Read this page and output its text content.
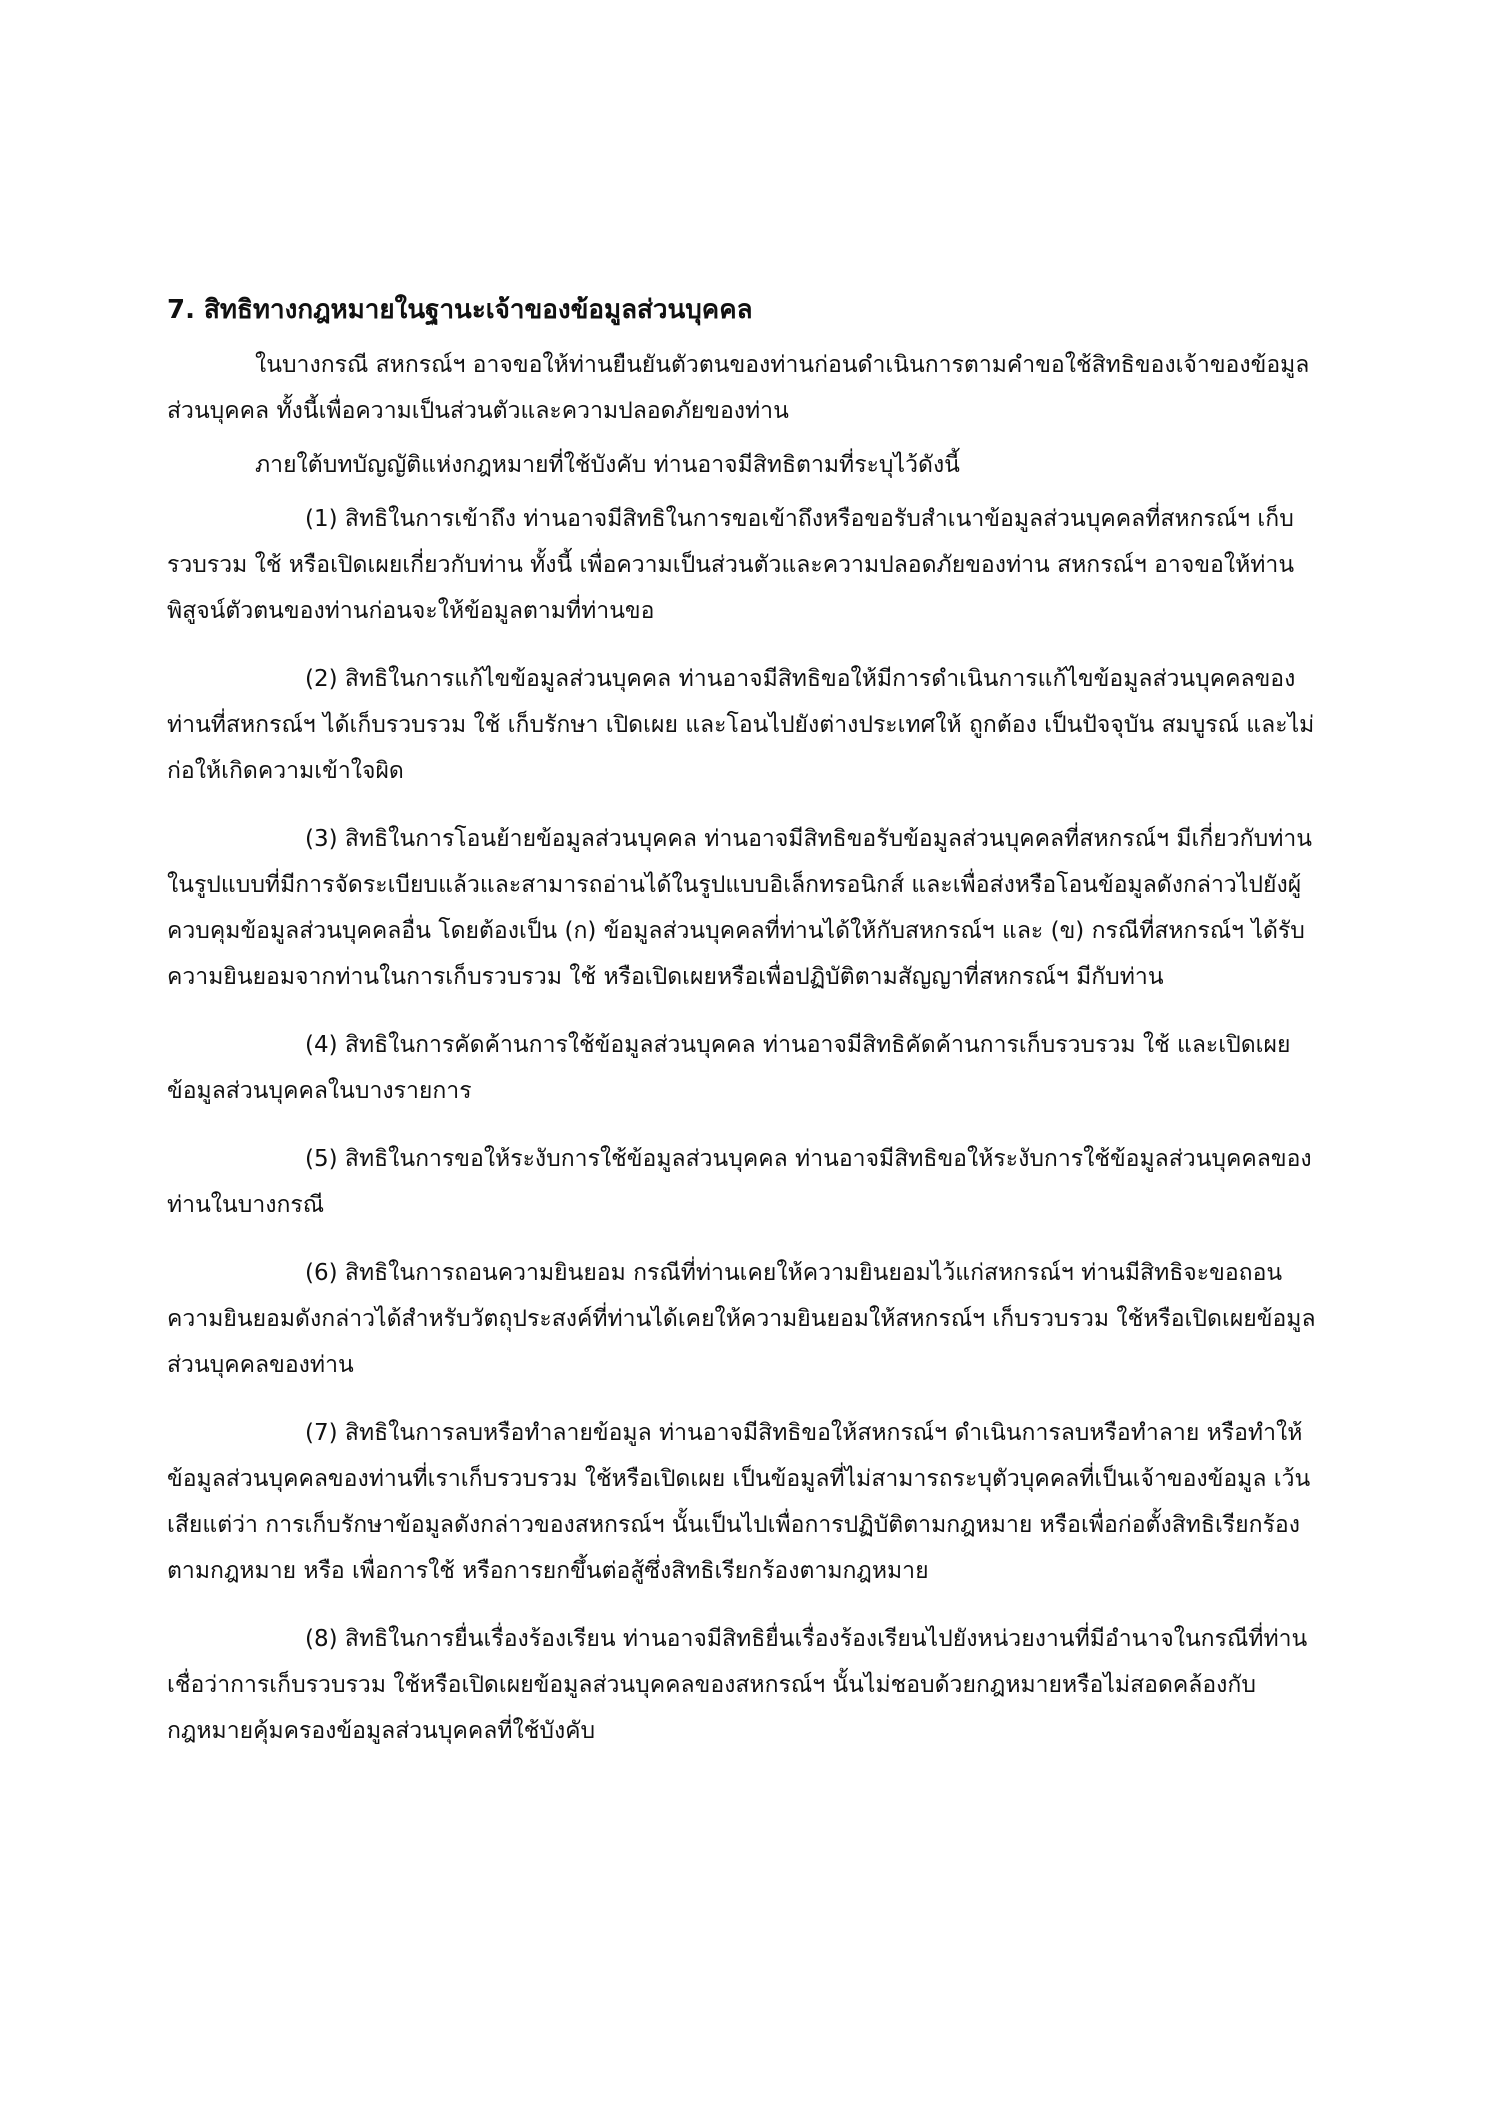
7. สิทธิทางกฎหมายในฐานะเจ้าของข้อมูลส่วนบุคคล

ในบางกรณี สหกรณ์ฯ อาจขอให้ท่านยืนยันตัวตนของท่านก่อนดำเนินการตามคำขอใช้สิทธิของเจ้าของข้อมูลส่วนบุคคล ทั้งนี้เพื่อความเป็นส่วนตัวและความปลอดภัยของท่าน

ภายใต้บทบัญญัติแห่งกฎหมายที่ใช้บังคับ ท่านอาจมีสิทธิตามที่ระบุไว้ดังนี้

(1) สิทธิในการเข้าถึง ท่านอาจมีสิทธิในการขอเข้าถึงหรือขอรับสำเนาข้อมูลส่วนบุคคลที่สหกรณ์ฯ เก็บรวบรวม ใช้ หรือเปิดเผยเกี่ยวกับท่าน ทั้งนี้ เพื่อความเป็นส่วนตัวและความปลอดภัยของท่าน สหกรณ์ฯ อาจขอให้ท่านพิสูจน์ตัวตนของท่านก่อนจะให้ข้อมูลตามที่ท่านขอ
(2) สิทธิในการแก้ไขข้อมูลส่วนบุคคล ท่านอาจมีสิทธิขอให้มีการดำเนินการแก้ไขข้อมูลส่วนบุคคลของท่านที่สหกรณ์ฯ ได้เก็บรวบรวม ใช้ เก็บรักษา เปิดเผย และโอนไปยังต่างประเทศให้ ถูกต้อง เป็นปัจจุบัน สมบูรณ์ และไม่ก่อให้เกิดความเข้าใจผิด
(3) สิทธิในการโอนย้ายข้อมูลส่วนบุคคล ท่านอาจมีสิทธิขอรับข้อมูลส่วนบุคคลที่สหกรณ์ฯ มีเกี่ยวกับท่านในรูปแบบที่มีการจัดระเบียบแล้วและสามารถอ่านได้ในรูปแบบอิเล็กทรอนิกส์ และเพื่อส่งหรือโอนข้อมูลดังกล่าวไปยังผู้ควบคุมข้อมูลส่วนบุคคลอื่น โดยต้องเป็น (ก) ข้อมูลส่วนบุคคลที่ท่านได้ให้กับสหกรณ์ฯ และ (ข) กรณีที่สหกรณ์ฯ ได้รับความยินยอมจากท่านในการเก็บรวบรวม ใช้ หรือเปิดเผยหรือเพื่อปฏิบัติตามสัญญาที่สหกรณ์ฯ มีกับท่าน
(4) สิทธิในการคัดค้านการใช้ข้อมูลส่วนบุคคล ท่านอาจมีสิทธิคัดค้านการเก็บรวบรวม ใช้ และเปิดเผยข้อมูลส่วนบุคคลในบางรายการ
(5) สิทธิในการขอให้ระงับการใช้ข้อมูลส่วนบุคคล ท่านอาจมีสิทธิขอให้ระงับการใช้ข้อมูลส่วนบุคคลของท่านในบางกรณี
(6) สิทธิในการถอนความยินยอม กรณีที่ท่านเคยให้ความยินยอมไว้แก่สหกรณ์ฯ ท่านมีสิทธิจะขอถอนความยินยอมดังกล่าวได้สำหรับวัตถุประสงค์ที่ท่านได้เคยให้ความยินยอมให้สหกรณ์ฯ เก็บรวบรวม ใช้หรือเปิดเผยข้อมูลส่วนบุคคลของท่าน
(7) สิทธิในการลบหรือทำลายข้อมูล ท่านอาจมีสิทธิขอให้สหกรณ์ฯ ดำเนินการลบหรือทำลาย หรือทำให้ข้อมูลส่วนบุคคลของท่านที่เราเก็บรวบรวม ใช้หรือเปิดเผย เป็นข้อมูลที่ไม่สามารถระบุตัวบุคคลที่เป็นเจ้าของข้อมูล เว้นเสียแต่ว่า การเก็บรักษาข้อมูลดังกล่าวของสหกรณ์ฯ นั้นเป็นไปเพื่อการปฏิบัติตามกฎหมาย หรือเพื่อก่อตั้งสิทธิเรียกร้องตามกฎหมาย หรือ เพื่อการใช้ หรือการยกขึ้นต่อสู้ซึ่งสิทธิเรียกร้องตามกฎหมาย
(8) สิทธิในการยื่นเรื่องร้องเรียน ท่านอาจมีสิทธิยื่นเรื่องร้องเรียนไปยังหน่วยงานที่มีอำนาจในกรณีที่ท่านเชื่อว่าการเก็บรวบรวม ใช้หรือเปิดเผยข้อมูลส่วนบุคคลของสหกรณ์ฯ นั้นไม่ชอบด้วยกฎหมายหรือไม่สอดคล้องกับกฎหมายคุ้มครองข้อมูลส่วนบุคคลที่ใช้บังคับ
